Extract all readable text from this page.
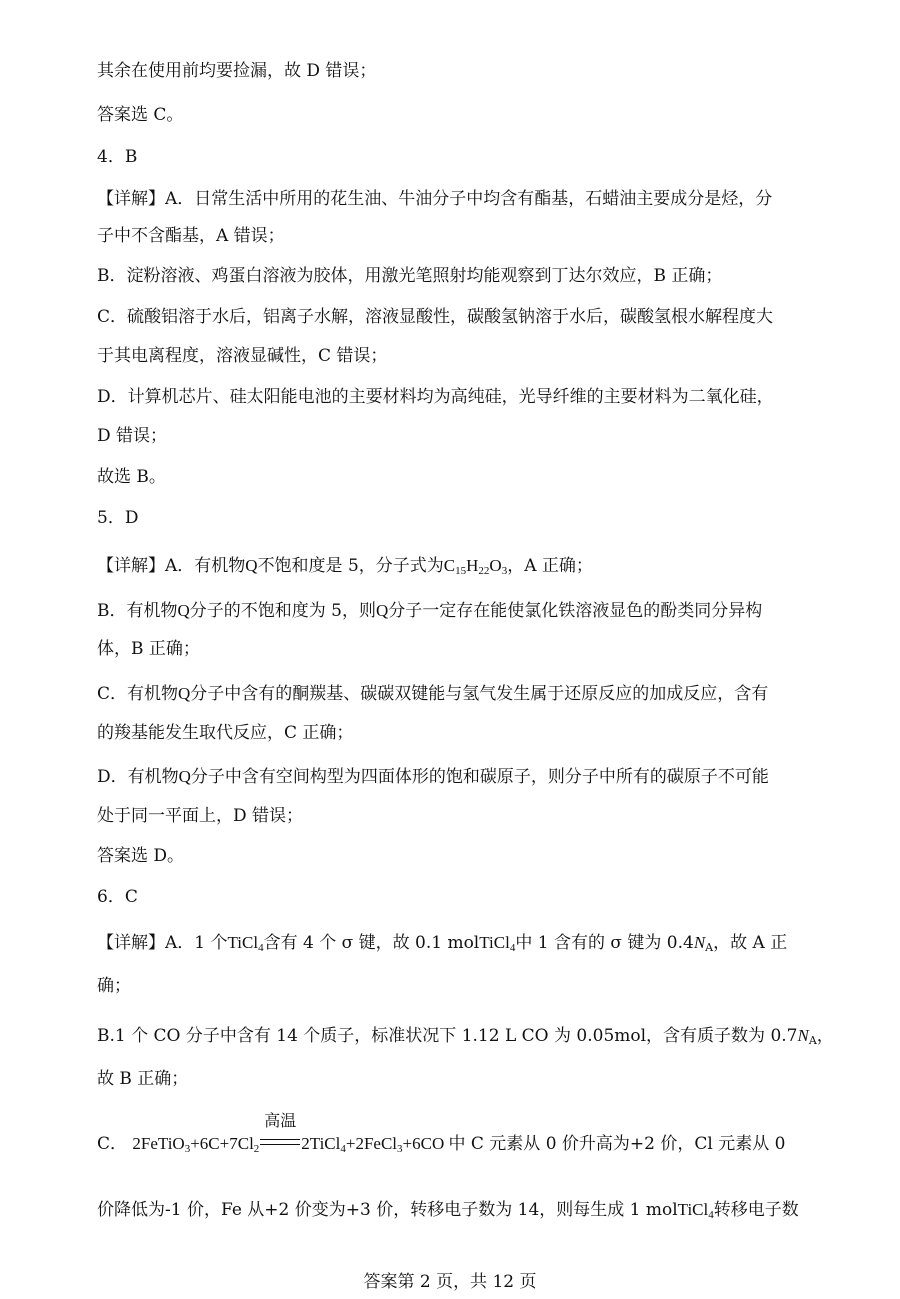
其余在使用前均要捡漏，故 D 错误；
答案选 C。
4．B
【详解】A．日常生活中所用的花生油、牛油分子中均含有酯基，石蜡油主要成分是烃，分
子中不含酯基，A 错误；
B．淀粉溶液、鸡蛋白溶液为胶体，用激光笔照射均能观察到丁达尔效应，B 正确；
C．硫酸铝溶于水后，铝离子水解，溶液显酸性，碳酸氢钠溶于水后，碳酸氢根水解程度大
于其电离程度，溶液显碱性，C 错误；
D．计算机芯片、硅太阳能电池的主要材料均为高纯硅，光导纤维的主要材料为二氧化硅，
D 错误；
故选 B。
5．D
【详解】A．有机物Q不饱和度是 5，分子式为$C_{15}H_{22}O_3$，A 正确；
B．有机物Q分子的不饱和度为 5，则Q分子一定存在能使氯化铁溶液显色的酚类同分异构
体，B 正确；
C．有机物Q分子中含有的酮羰基、碳碳双键能与氢气发生属于还原反应的加成反应，含有
的羧基能发生取代反应，C 正确；
D．有机物Q分子中含有空间构型为四面体形的饱和碳原子，则分子中所有的碳原子不可能
处于同一平面上，D 错误；
答案选 D。
6．C
【详解】A．1 个TiCl$_4$含有 4 个 σ 键，故 0.1 molTiCl$_4$中 1 含有的 σ 键为 $0.4N_A$，故 A 正
确；
B.1 个 CO 分子中含有 14 个质子，标准状况下 1.12 L CO 为 0.05mol，含有质子数为 $0.7N_A$，
故 B 正确；
C． $2FeTiO_3+6C+7Cl_2$
高温
2TiCl$_4$+2FeCl$_3$+6CO 中 C 元素从 0 价升高为+2 价，Cl 元素从 0
价降低为-1 价，Fe 从+2 价变为+3 价，转移电子数为 14，则每生成 1 molTiCl$_4$转移电子数
答案第 2 页，共 12 页
